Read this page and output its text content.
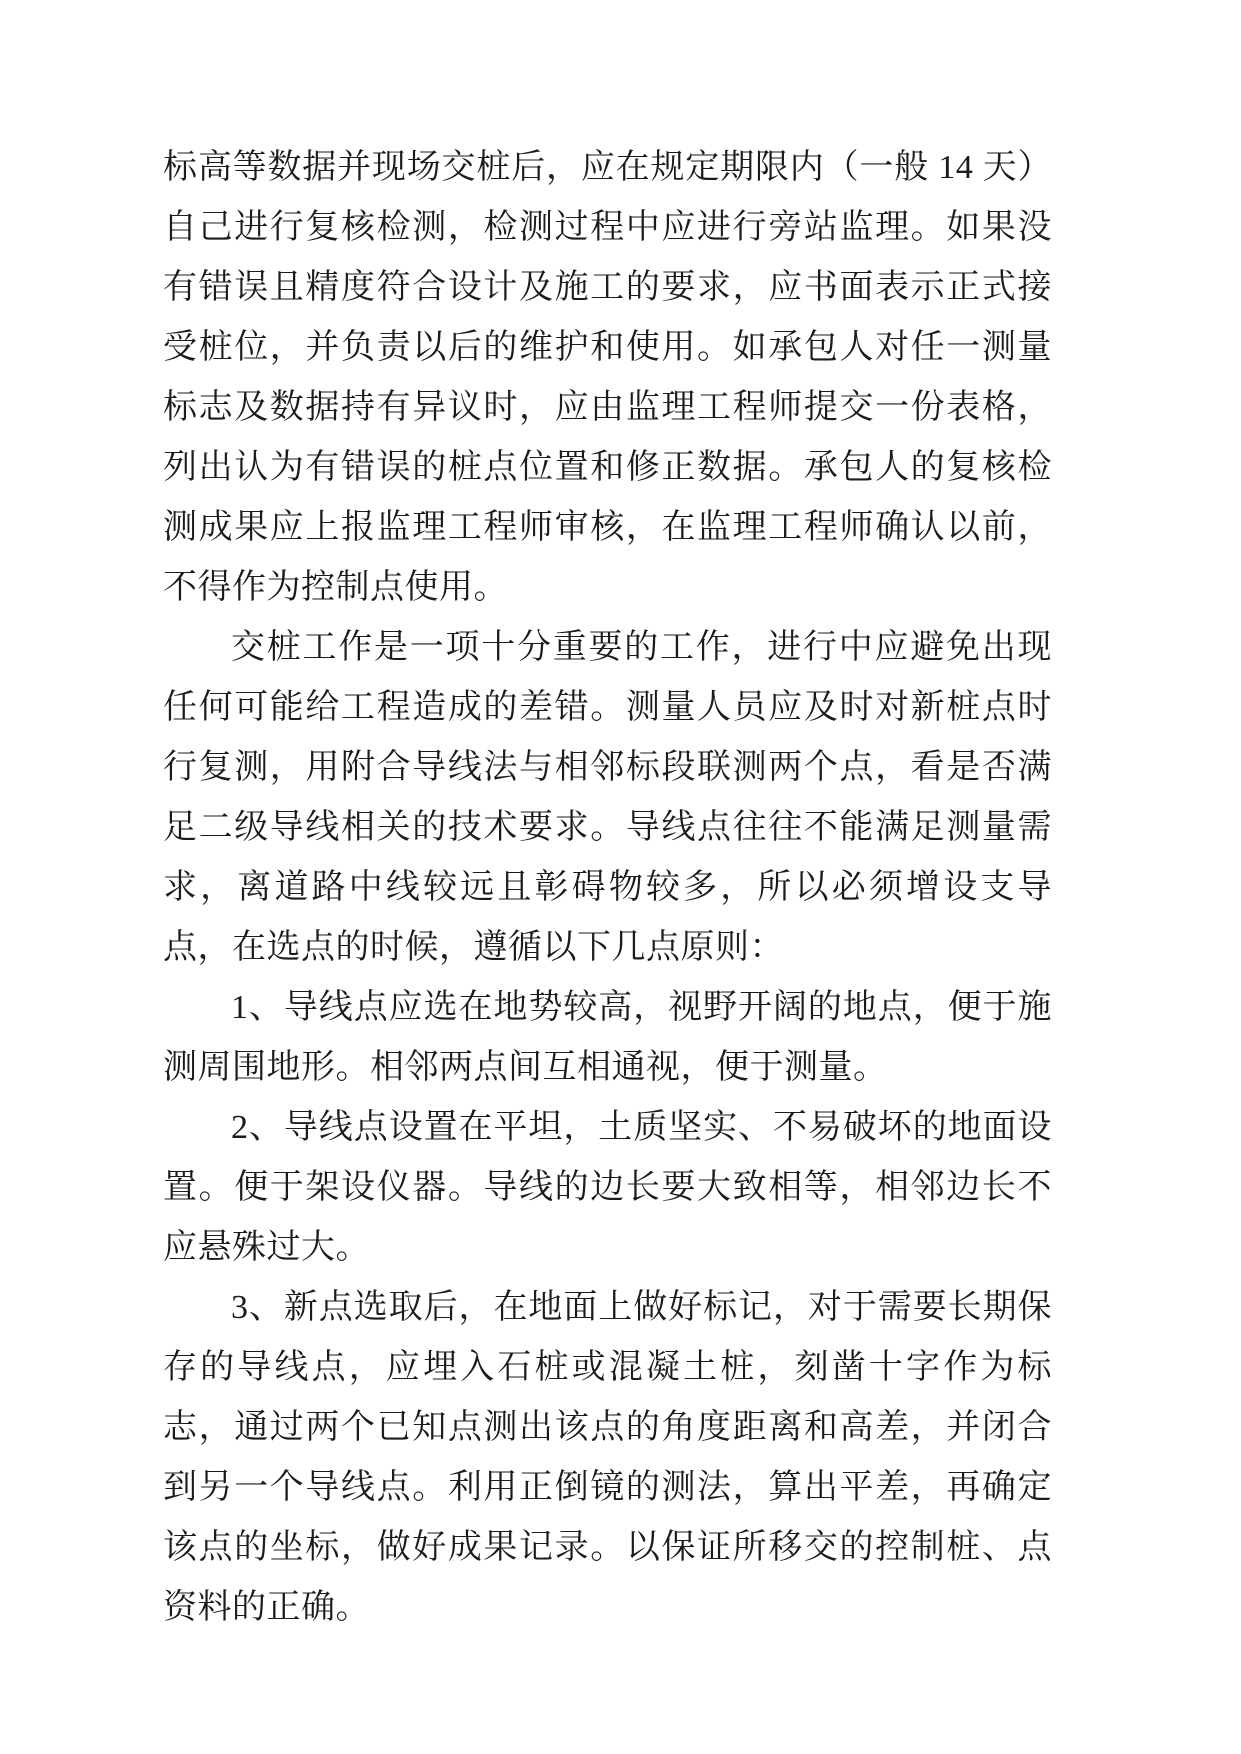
标高等数据并现场交桩后，应在规定期限内（一般 14 天）自己进行复核检测，检测过程中应进行旁站监理。如果没有错误且精度符合设计及施工的要求，应书面表示正式接受桩位，并负责以后的维护和使用。如承包人对任一测量标志及数据持有异议时，应由监理工程师提交一份表格，列出认为有错误的桩点位置和修正数据。承包人的复核检测成果应上报监理工程师审核，在监理工程师确认以前，不得作为控制点使用。

交桩工作是一项十分重要的工作，进行中应避免出现任何可能给工程造成的差错。测量人员应及时对新桩点时行复测，用附合导线法与相邻标段联测两个点，看是否满足二级导线相关的技术要求。导线点往往不能满足测量需求，离道路中线较远且彰碍物较多，所以必须增设支导点，在选点的时候，遵循以下几点原则：

1、导线点应选在地势较高，视野开阔的地点，便于施测周围地形。相邻两点间互相通视，便于测量。

2、导线点设置在平坦，土质坚实、不易破坏的地面设置。便于架设仪器。导线的边长要大致相等，相邻边长不应悬殊过大。

3、新点选取后，在地面上做好标记，对于需要长期保存的导线点，应埋入石桩或混凝土桩，刻凿十字作为标志，通过两个已知点测出该点的角度距离和高差，并闭合到另一个导线点。利用正倒镜的测法，算出平差，再确定该点的坐标，做好成果记录。以保证所移交的控制桩、点资料的正确。
